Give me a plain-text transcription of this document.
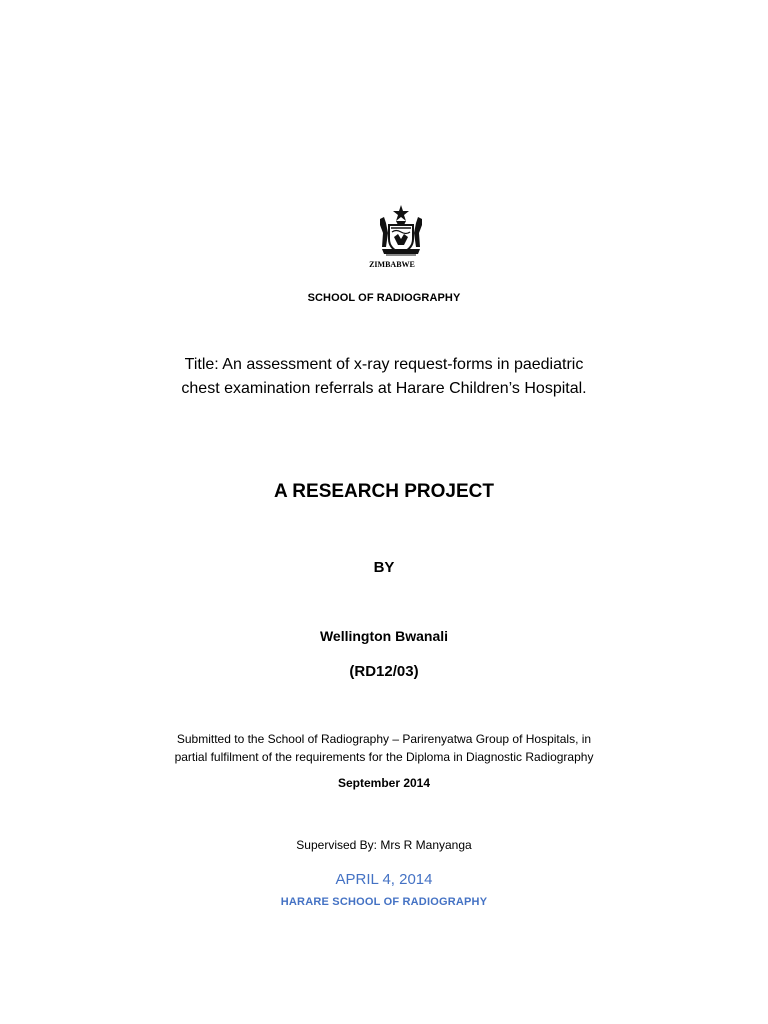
ZIMBABWE
SCHOOL OF RADIOGRAPHY
Title: An assessment of x-ray request-forms in paediatric
chest examination referrals at Harare Children’s Hospital.
A RESEARCH PROJECT
BY
Wellington Bwanali
(RD12/03)
Submitted to the School of Radiography – Parirenyatwa Group of Hospitals, in
partial fulfilment of the requirements for the Diploma in Diagnostic Radiography
September 2014
Supervised By: Mrs R Manyanga
APRIL 4, 2014
HARARE SCHOOL OF RADIOGRAPHY
